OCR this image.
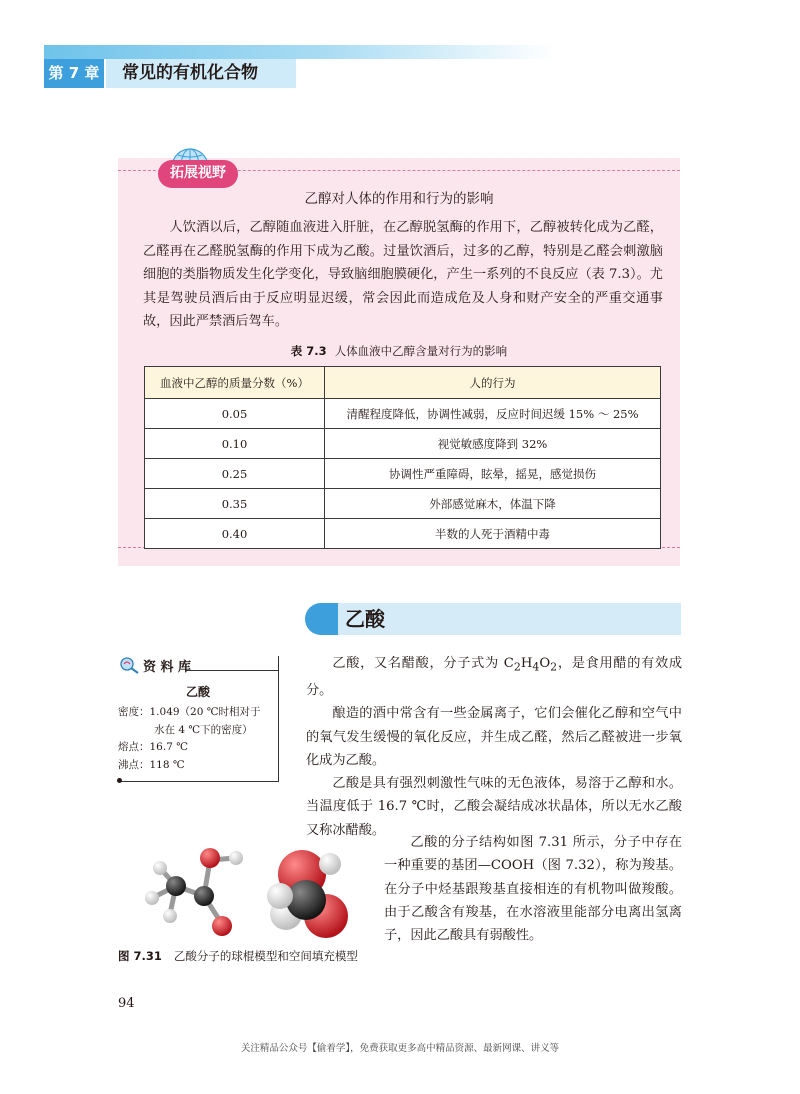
第 7 章 常见的有机化合物
拓展视野
乙醇对人体的作用和行为的影响

人饮酒以后，乙醇随血液进入肝脏，在乙醇脱氢酶的作用下，乙醇被转化成为乙醛，乙醛再在乙醛脱氢酶的作用下成为乙酸。过量饮酒后，过多的乙醇，特别是乙醛会刺激脑细胞的类脂物质发生化学变化，导致脑细胞膜硬化，产生一系列的不良反应（表 7.3）。尤其是驾驶员酒后由于反应明显迟缓，常会因此而造成危及人身和财产安全的严重交通事故，因此严禁酒后驾车。

表 7.3 人体血液中乙醇含量对行为的影响
血液中乙醇的质量分数（%）	人的行为
0.05	清醒程度降低，协调性减弱，反应时间迟缓 15% ～ 25%
0.10	视觉敏感度降到 32%
0.25	协调性严重障碍，眩晕，摇晃，感觉损伤
0.35	外部感觉麻木，体温下降
0.40	半数的人死于酒精中毒
乙酸
资 料 库
乙酸
密度：1.049（20 ℃时相对于
水在 4 ℃下的密度）
熔点：16.7 ℃
沸点：118 ℃

乙酸，又名醋酸，分子式为 $C_2H_4O_2$，是食用醋的有效成分。

酿造的酒中常含有一些金属离子，它们会催化乙醇和空气中的氧气发生缓慢的氧化反应，并生成乙醛，然后乙醛被进一步氧化成为乙酸。

乙酸是具有强烈刺激性气味的无色液体，易溶于乙醇和水。当温度低于 16.7 ℃时，乙酸会凝结成冰状晶体，所以无水乙酸又称冰醋酸。

乙酸的分子结构如图 7.31 所示，分子中存在一种重要的基团—COOH（图 7.32），称为羧基。在分子中烃基跟羧基直接相连的有机物叫做羧酸。由于乙酸含有羧基，在水溶液里能部分电离出氢离子，因此乙酸具有弱酸性。

图 7.31 乙酸分子的球棍模型和空间填充模型
94
关注精品公众号【偷着学】，免费获取更多高中精品资源、最新网课、讲义等
